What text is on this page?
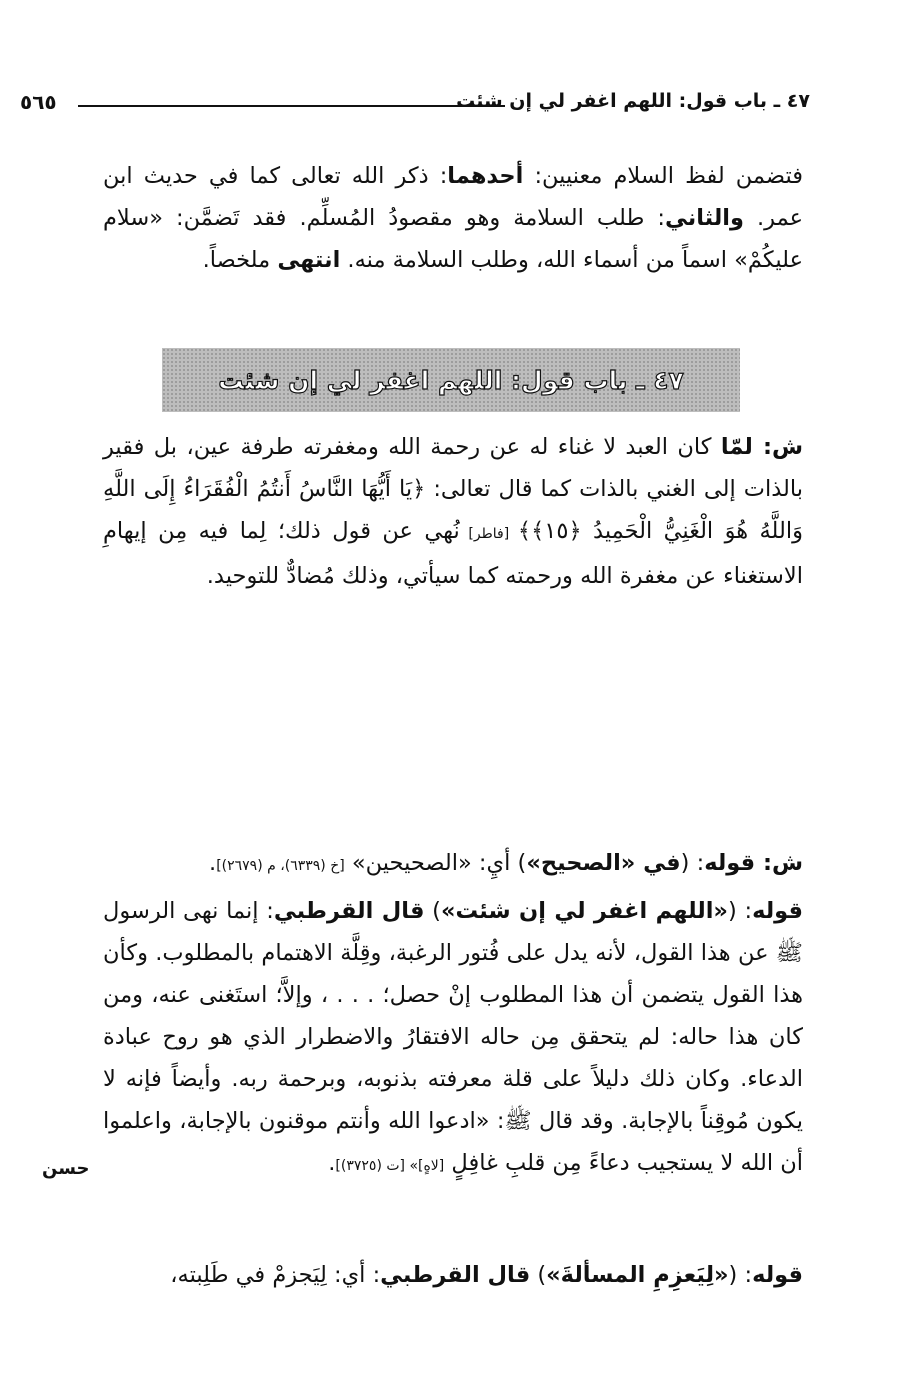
٤٧ ـ باب قول: اللهم اغفر لي إن شئت
٥٦٥

فتضمن لفظ السلام معنيين: أحدهما: ذكر الله تعالى كما في حديث ابن عمر. والثاني: طلب السلامة وهو مقصودُ المُسلِّم. فقد تَضمَّن: «سلام عليكُمْ» اسماً من أسماء الله، وطلب السلامة منه. انتهى ملخصاً.

٤٧ ـ باب قول: اللهم اغفر لي إن شئت

ش: لمّا كان العبد لا غناء له عن رحمة الله ومغفرته طرفة عين، بل فقير بالذات إلى الغني بالذات كما قال تعالى: ﴿يَا أَيُّهَا النَّاسُ أَنتُمُ الْفُقَرَاءُ إِلَى اللَّهِ وَاللَّهُ هُوَ الْغَنِيُّ الْحَمِيدُ ﴿١٥﴾﴾ [فاطر] نُهي عن قول ذلك؛ لِما فيه مِن إيهامِ الاستغناء عن مغفرة الله ورحمته كما سيأتي، وذلك مُضادٌّ للتوحيد.

ش: قوله: (في «الصحيح») أيِ: «الصحيحين» [خ (٦٣٣٩)، م (٢٦٧٩)].

قوله: («اللهم اغفر لي إن شئت») قال القرطبي: إنما نهى الرسول ﷺ عن هذا القول، لأنه يدل على فُتور الرغبة، وقِلَّة الاهتمام بالمطلوب. وكأن هذا القول يتضمن أن هذا المطلوب إنْ حصل؛ . . . ، وإلاَّ؛ استَغنى عنه، ومن كان هذا حاله: لم يتحقق مِن حاله الافتقارُ والاضطرار الذي هو روح عبادة الدعاء. وكان ذلك دليلاً على قلة معرفته بذنوبه، وبرحمة ربه. وأيضاً فإنه لا يكون مُوقِناً بالإجابة. وقد قال ﷺ: «ادعوا الله وأنتم موقنون بالإجابة، واعلموا أن الله لا يستجيب دعاءً مِن قلبِ غافِلٍ [لاهٍ]» [ت (٣٧٢٥)].

حسن

قوله: («لِيَعزِمِ المسألةَ») قال القرطبي: أي: لِيَجزمْ في طَلِبته،
